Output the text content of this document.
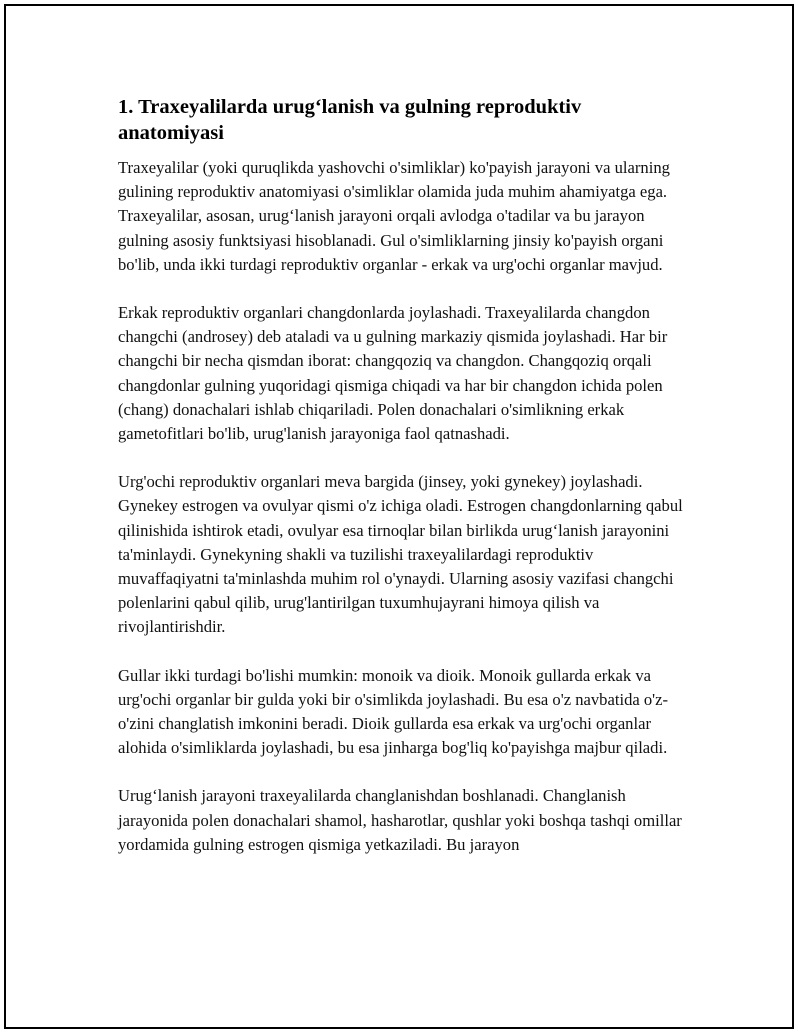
1. Traxeyalilarda urug‘lanish va gulning reproduktiv anatomiyasi

Traxeyalilar (yoki quruqlikda yashovchi o'simliklar) ko'payish jarayoni va ularning gulining reproduktiv anatomiyasi o'simliklar olamida juda muhim ahamiyatga ega. Traxeyalilar, asosan, urug‘lanish jarayoni orqali avlodga o'tadilar va bu jarayon gulning asosiy funktsiyasi hisoblanadi. Gul o'simliklarning jinsiy ko'payish organi bo'lib, unda ikki turdagi reproduktiv organlar - erkak va urg'ochi organlar mavjud.

Erkak reproduktiv organlari changdonlarda joylashadi. Traxeyalilarda changdon changchi (androsey) deb ataladi va u gulning markaziy qismida joylashadi. Har bir changchi bir necha qismdan iborat: changqoziq va changdon. Changqoziq orqali changdonlar gulning yuqoridagi qismiga chiqadi va har bir changdon ichida polen (chang) donachalari ishlab chiqariladi. Polen donachalari o'simlikning erkak gametofitlari bo'lib, urug'lanish jarayoniga faol qatnashadi.

Urg'ochi reproduktiv organlari meva bargida (jinsey, yoki gynekey) joylashadi. Gynekey estrogen va ovulyar qismi o'z ichiga oladi. Estrogen changdonlarning qabul qilinishida ishtirok etadi, ovulyar esa tirnoqlar bilan birlikda urug‘lanish jarayonini ta'minlaydi. Gynekyning shakli va tuzilishi traxeyalilardagi reproduktiv muvaffaqiyatni ta'minlashda muhim rol o'ynaydi. Ularning asosiy vazifasi changchi polenlarini qabul qilib, urug'lantirilgan tuxumhujayrani himoya qilish va rivojlantirishdir.

Gullar ikki turdagi bo'lishi mumkin: monoik va dioik. Monoik gullarda erkak va urg'ochi organlar bir gulda yoki bir o'simlikda joylashadi. Bu esa o'z navbatida o'z-o'zini changlatish imkonini beradi. Dioik gullarda esa erkak va urg'ochi organlar alohida o'simliklarda joylashadi, bu esa jinharga bog'liq ko'payishga majbur qiladi.

Urug‘lanish jarayoni traxeyalilarda changlanishdan boshlanadi. Changlanish jarayonida polen donachalari shamol, hasharotlar, qushlar yoki boshqa tashqi omillar yordamida gulning estrogen qismiga yetkaziladi. Bu jarayon
